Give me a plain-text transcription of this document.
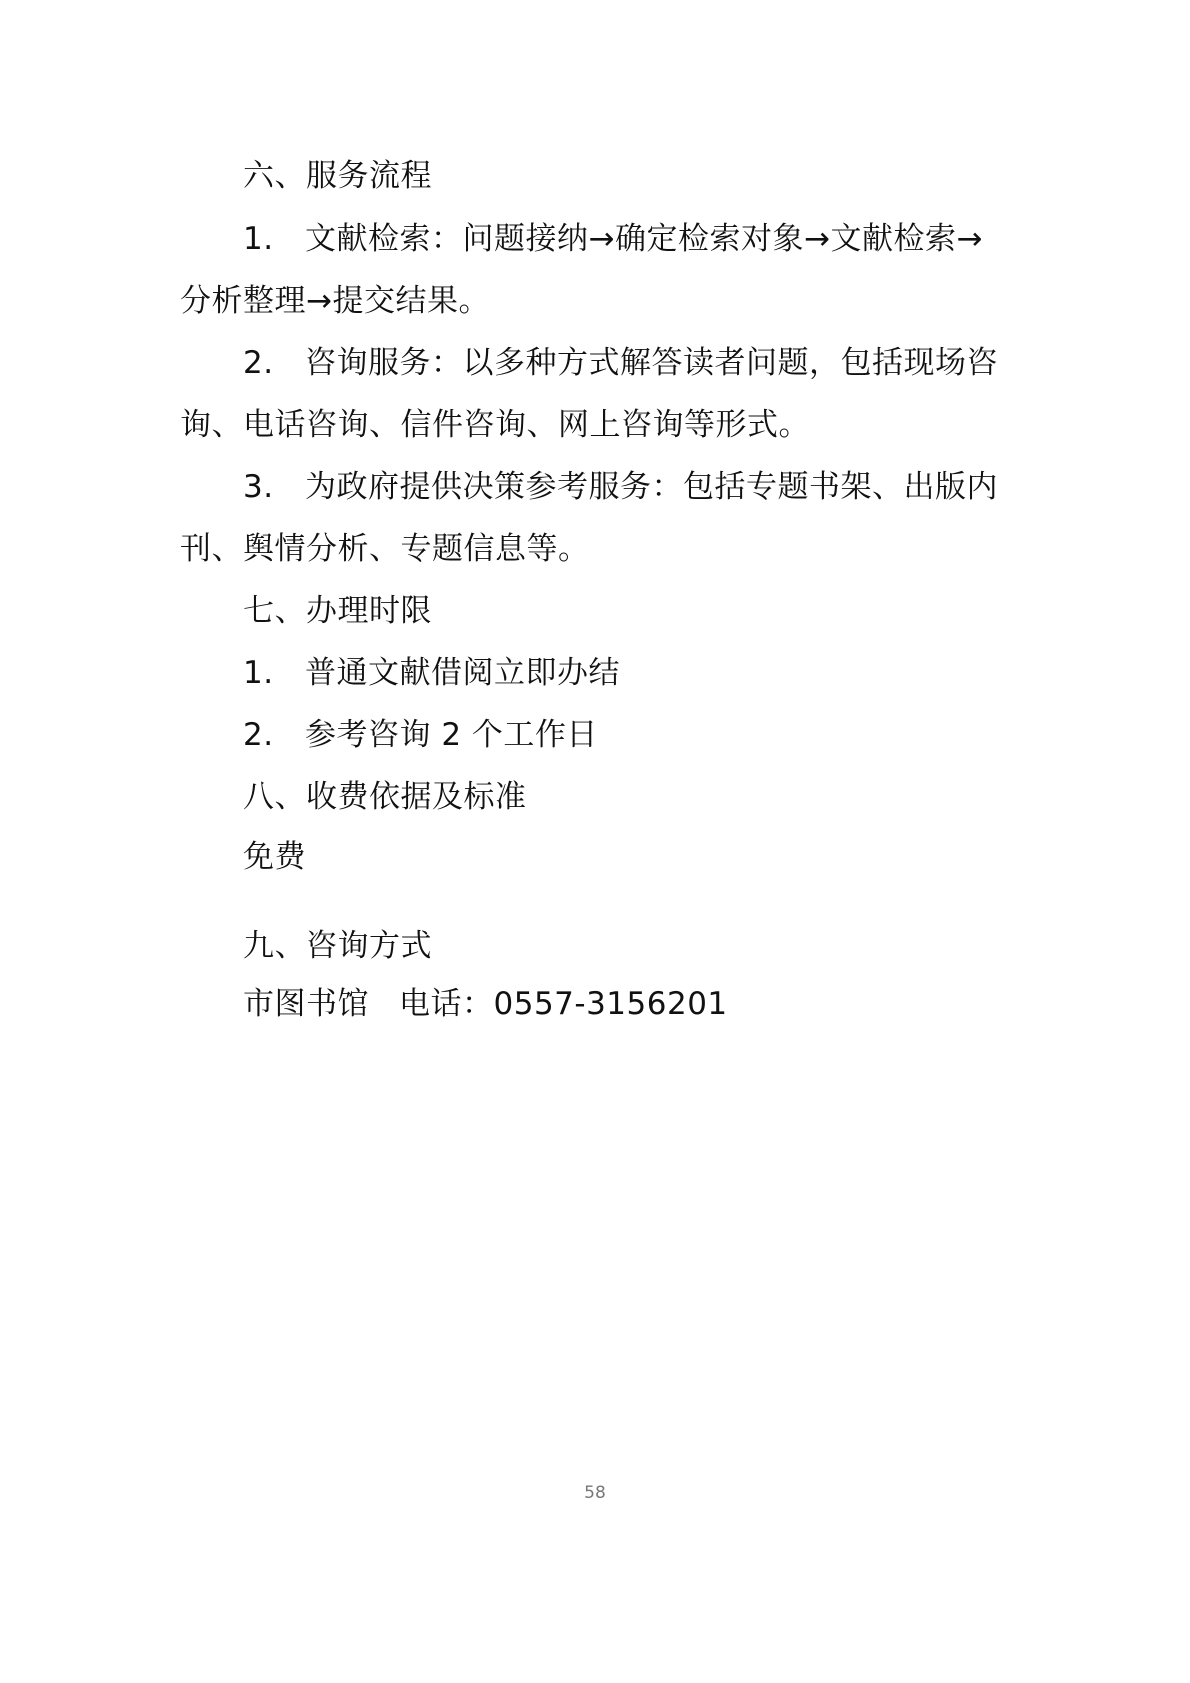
六、服务流程
1. 文献检索：问题接纳→确定检索对象→文献检索→
分析整理→提交结果。
2. 咨询服务：以多种方式解答读者问题，包括现场咨
询、电话咨询、信件咨询、网上咨询等形式。
3. 为政府提供决策参考服务：包括专题书架、出版内
刊、舆情分析、专题信息等。
七、办理时限
1. 普通文献借阅立即办结
2. 参考咨询 2 个工作日
八、收费依据及标准
免费
九、咨询方式
市图书馆 电话：0557-3156201
58
